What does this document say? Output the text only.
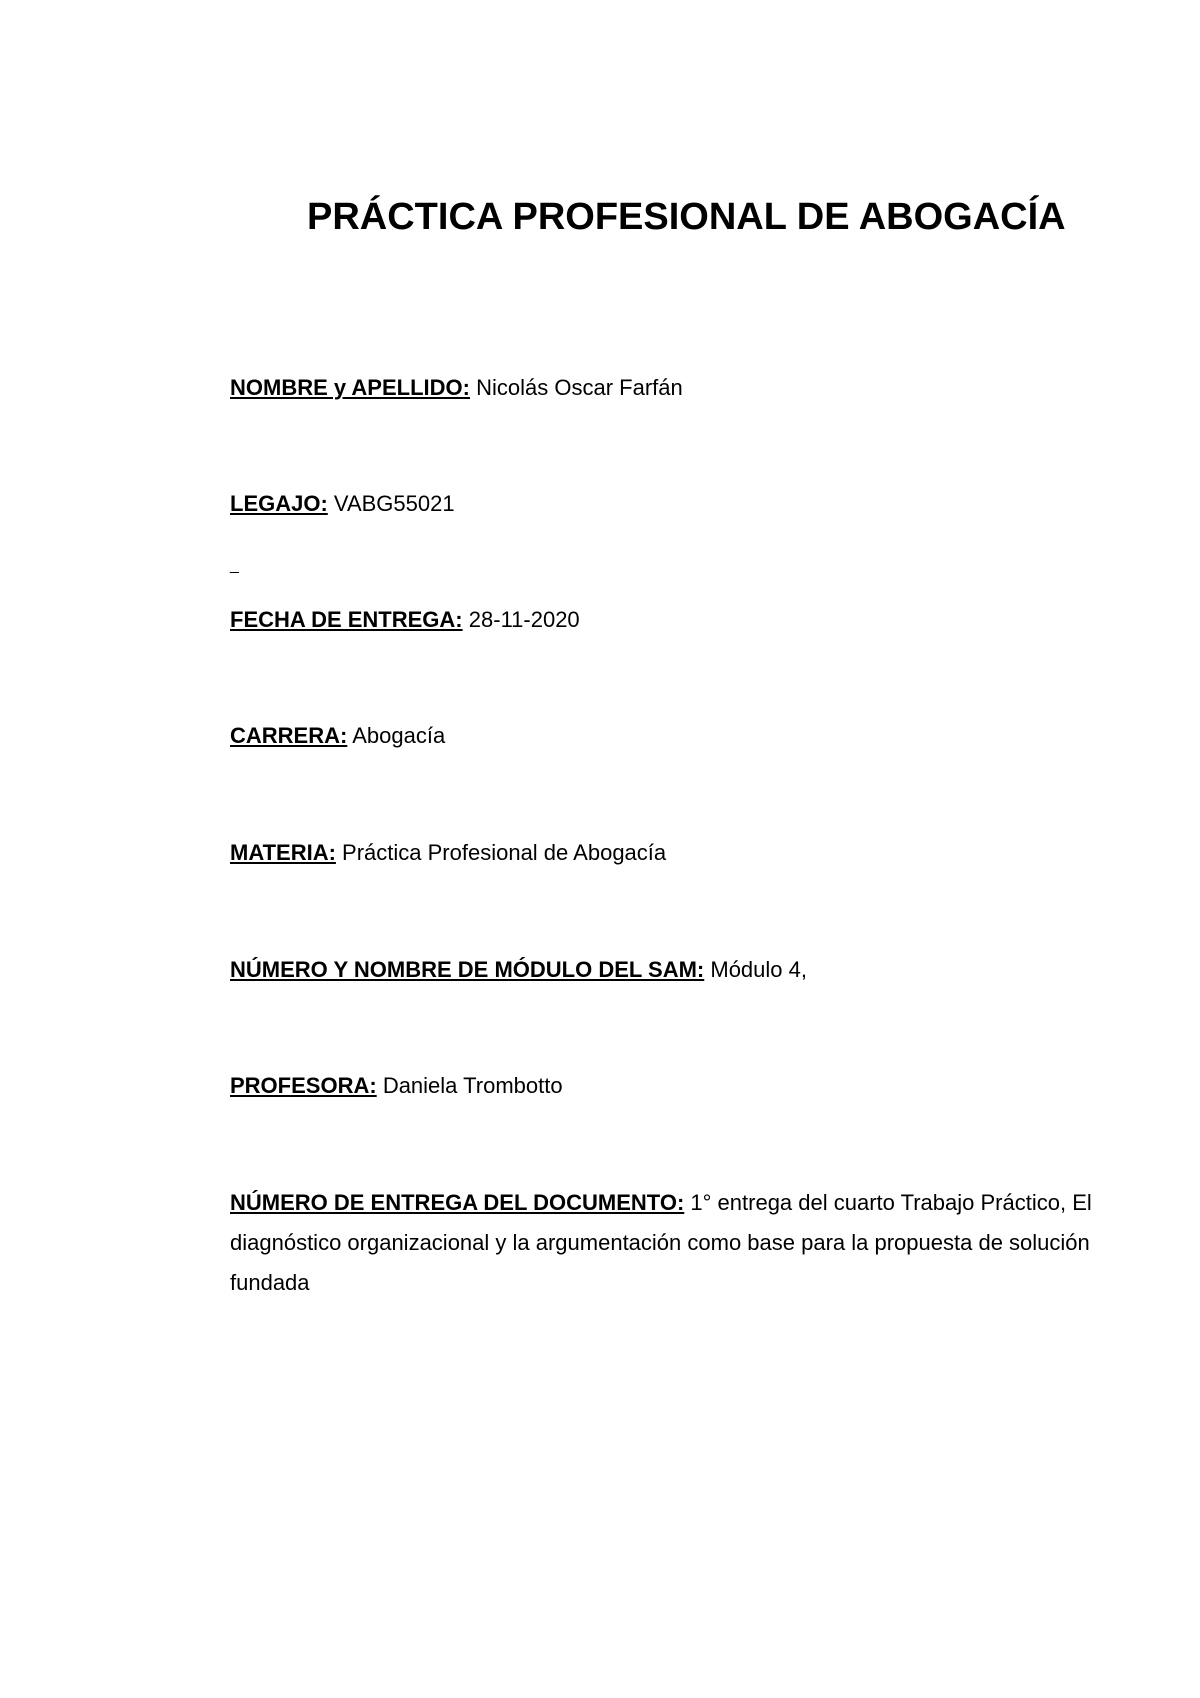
PRÁCTICA PROFESIONAL DE ABOGACÍA

NOMBRE y APELLIDO: Nicolás Oscar Farfán

LEGAJO: VABG55021

_

FECHA DE ENTREGA: 28-11-2020

CARRERA: Abogacía

MATERIA: Práctica Profesional de Abogacía

NÚMERO Y NOMBRE DE MÓDULO DEL SAM: Módulo 4,

PROFESORA: Daniela Trombotto

NÚMERO DE ENTREGA DEL DOCUMENTO: 1° entrega del cuarto Trabajo Práctico, El diagnóstico organizacional y la argumentación como base para la propuesta de solución fundada
